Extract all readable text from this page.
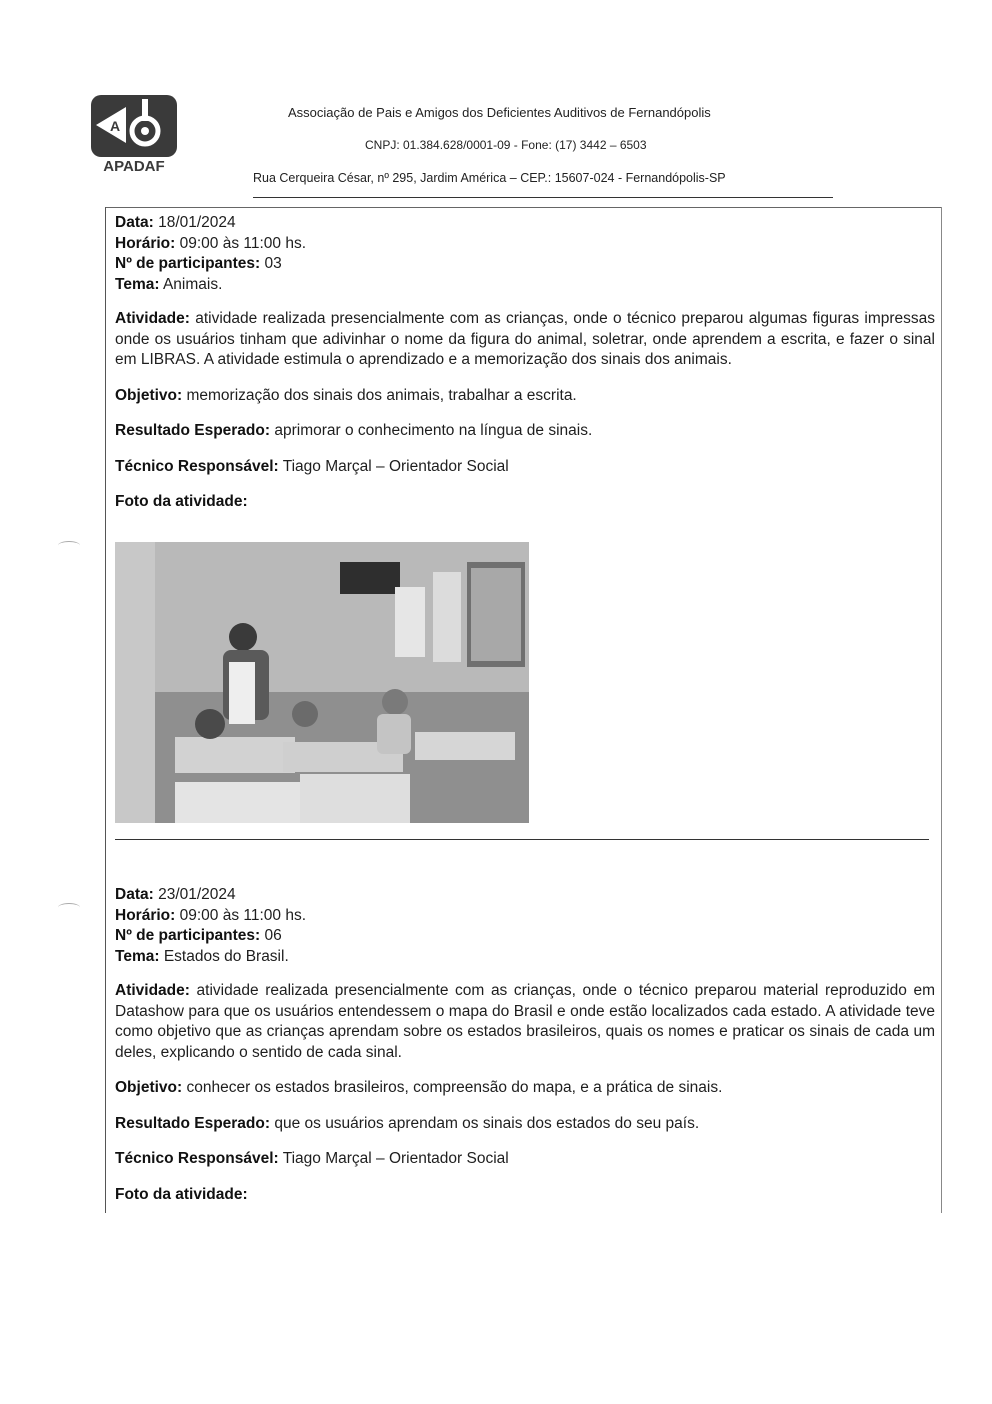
A
APADAF
Associação de Pais e Amigos dos Deficientes Auditivos de Fernandópolis
CNPJ: 01.384.628/0001-09 - Fone: (17) 3442 – 6503
Rua Cerqueira César, nº 295, Jardim América – CEP.: 15607-024 - Fernandópolis-SP

Data: 18/01/2024

Horário: 09:00 às 11:00 hs.

Nº de participantes: 03

Tema: Animais.

Atividade: atividade realizada presencialmente com as crianças, onde o técnico preparou algumas figuras impressas onde os usuários tinham que adivinhar o nome da figura do animal, soletrar, onde aprendem a escrita, e fazer o sinal em LIBRAS. A atividade estimula o aprendizado e a memorização dos sinais dos animais.

Objetivo: memorização dos sinais dos animais, trabalhar a escrita.

Resultado Esperado: aprimorar o conhecimento na língua de sinais.

Técnico Responsável: Tiago Marçal – Orientador Social

Foto da atividade:

Data: 23/01/2024

Horário: 09:00 às 11:00 hs.

Nº de participantes: 06

Tema: Estados do Brasil.

Atividade: atividade realizada presencialmente com as crianças, onde o técnico preparou material reproduzido em Datashow para que os usuários entendessem o mapa do Brasil e onde estão localizados cada estado. A atividade teve como objetivo que as crianças aprendam sobre os estados brasileiros, quais os nomes e praticar os sinais de cada um deles, explicando o sentido de cada sinal.

Objetivo: conhecer os estados brasileiros, compreensão do mapa, e a prática de sinais.

Resultado Esperado: que os usuários aprendam os sinais dos estados do seu país.

Técnico Responsável: Tiago Marçal – Orientador Social

Foto da atividade:
